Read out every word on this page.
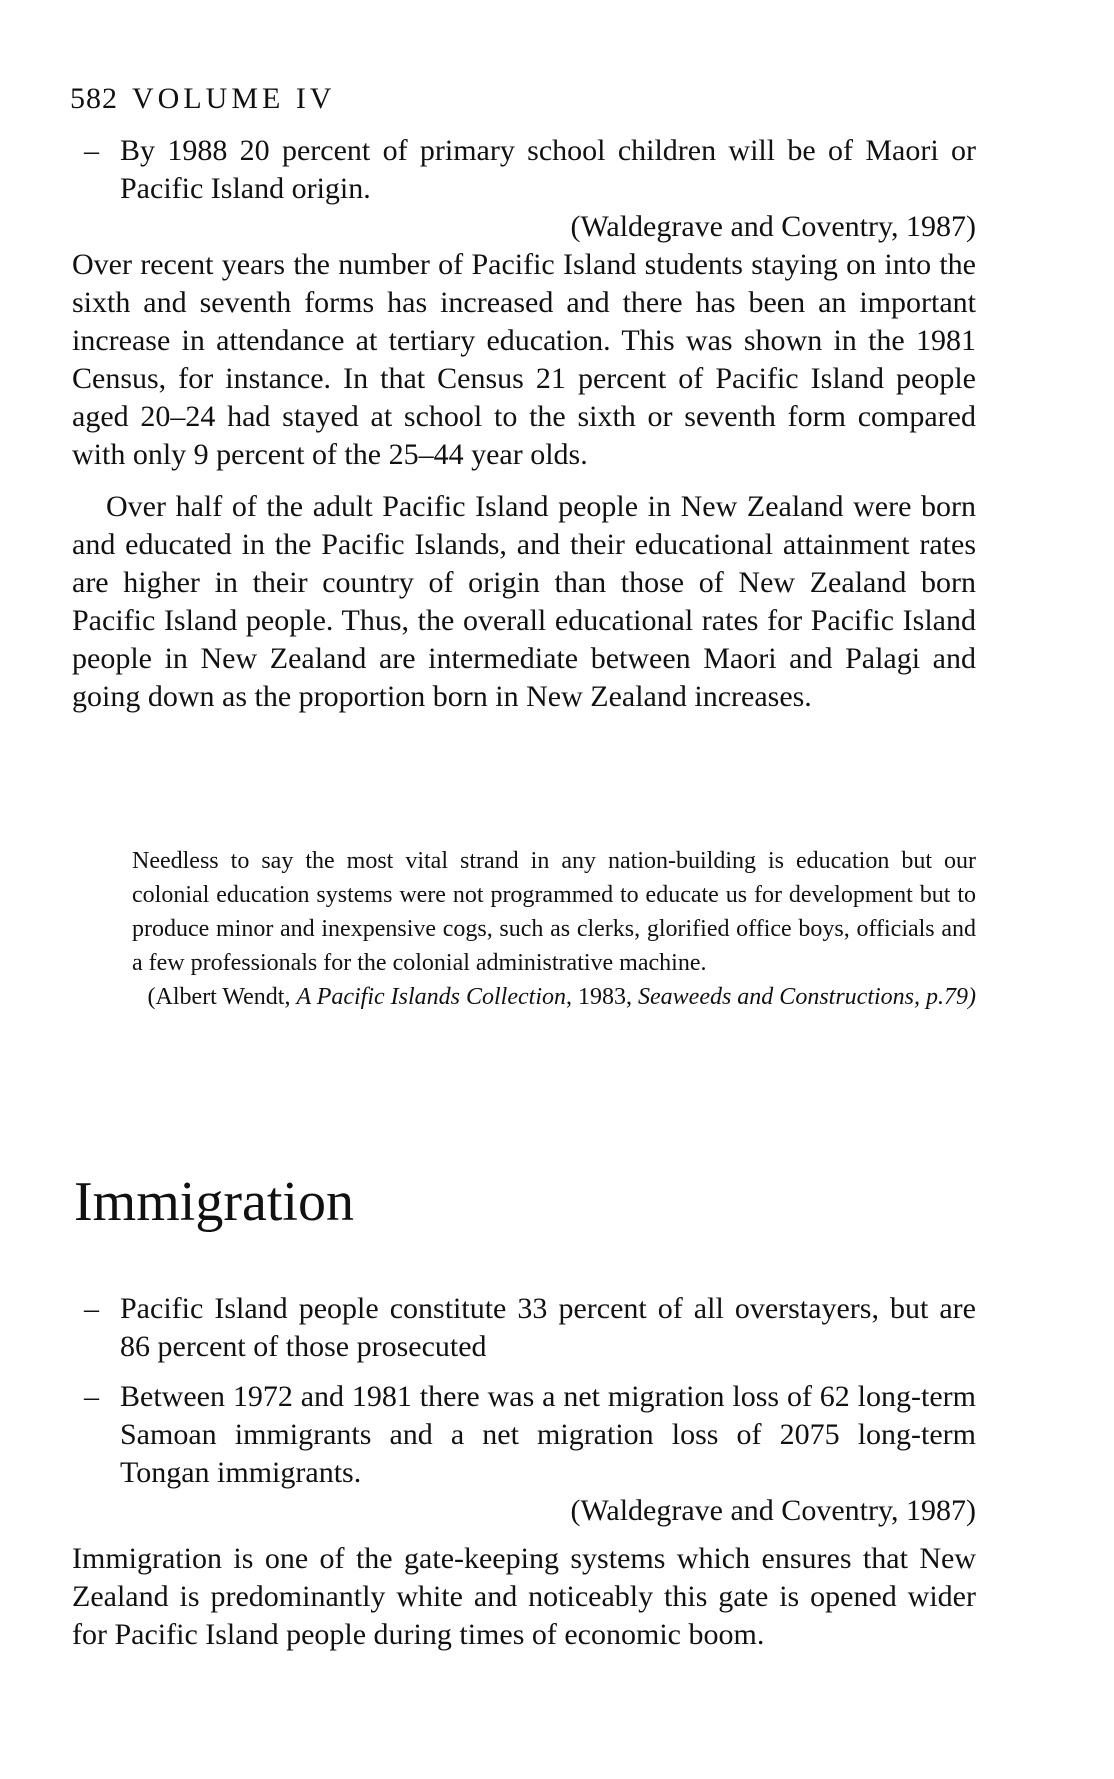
582 VOLUME IV
– By 1988 20 percent of primary school children will be of Maori or Pacific Island origin.
(Waldegrave and Coventry, 1987)

Over recent years the number of Pacific Island students staying on into the sixth and seventh forms has increased and there has been an important increase in attendance at tertiary education. This was shown in the 1981 Census, for instance. In that Census 21 percent of Pacific Island people aged 20–24 had stayed at school to the sixth or seventh form compared with only 9 percent of the 25–44 year olds.

Over half of the adult Pacific Island people in New Zealand were born and educated in the Pacific Islands, and their educational attainment rates are higher in their country of origin than those of New Zealand born Pacific Island people. Thus, the overall educational rates for Pacific Island people in New Zealand are intermediate between Maori and Palagi and going down as the proportion born in New Zealand increases.

Needless to say the most vital strand in any nation-building is education but our colonial education systems were not programmed to educate us for development but to produce minor and inexpensive cogs, such as clerks, glorified office boys, officials and a few professionals for the colonial administrative machine.
(Albert Wendt, A Pacific Islands Collection, 1983, Seaweeds and Constructions, p.79)
Immigration
– Pacific Island people constitute 33 percent of all overstayers, but are 86 percent of those prosecuted
– Between 1972 and 1981 there was a net migration loss of 62 long-term Samoan immigrants and a net migration loss of 2075 long-term Tongan immigrants.
(Waldegrave and Coventry, 1987)

Immigration is one of the gate-keeping systems which ensures that New Zealand is predominantly white and noticeably this gate is opened wider for Pacific Island people during times of economic boom.
